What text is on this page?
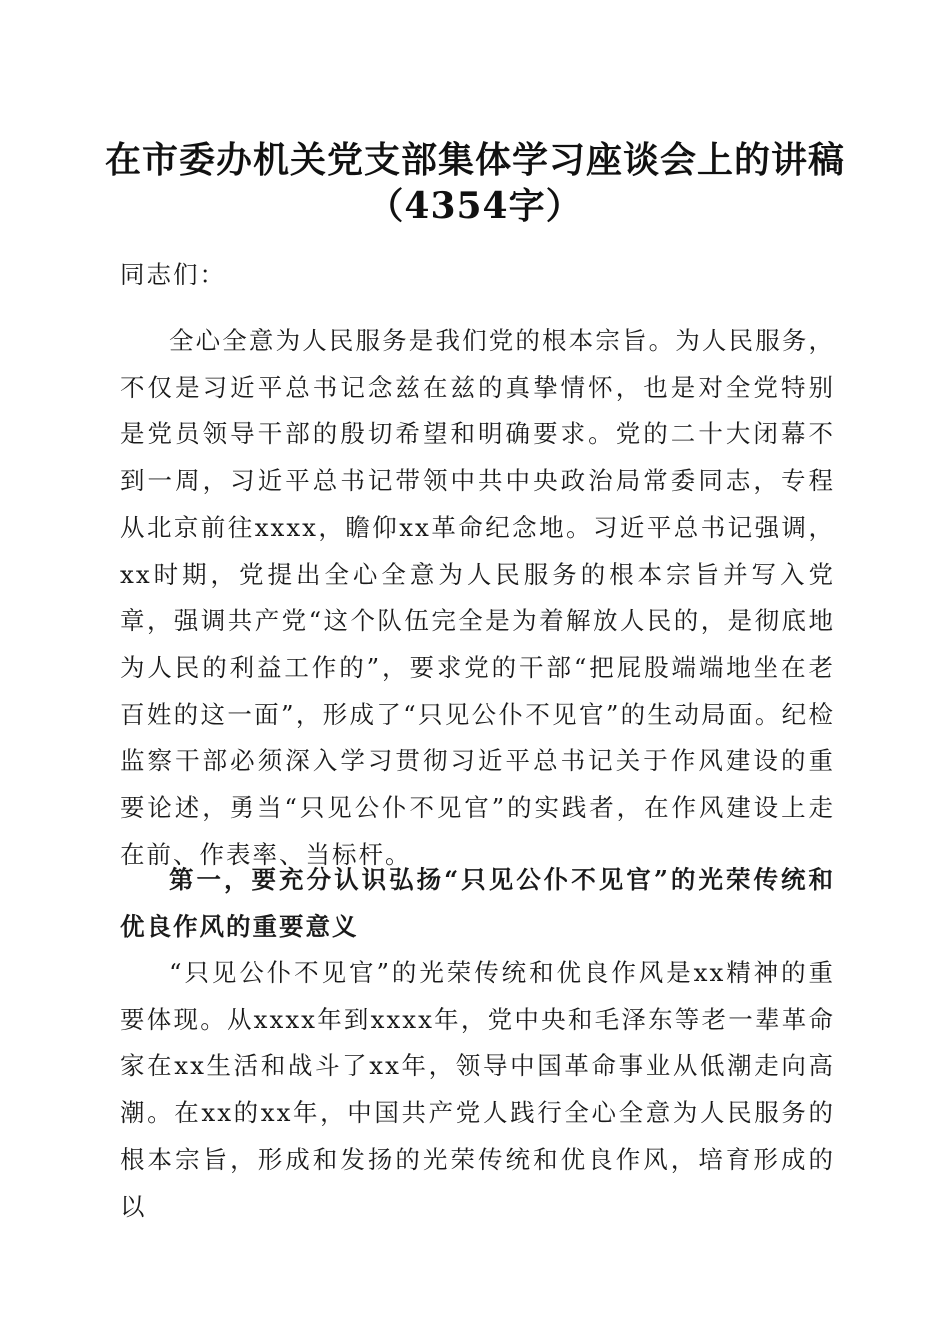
在市委办机关党支部集体学习座谈会上的讲稿
（4354字）
同志们：

全心全意为人民服务是我们党的根本宗旨。为人民服务，不仅是习近平总书记念兹在兹的真挚情怀，也是对全党特别是党员领导干部的殷切希望和明确要求。党的二十大闭幕不到一周，习近平总书记带领中共中央政治局常委同志，专程从北京前往xxxx，瞻仰xx革命纪念地。习近平总书记强调，xx时期，党提出全心全意为人民服务的根本宗旨并写入党章，强调共产党“这个队伍完全是为着解放人民的，是彻底地为人民的利益工作的”，要求党的干部“把屁股端端地坐在老百姓的这一面”，形成了“只见公仆不见官”的生动局面。纪检监察干部必须深入学习贯彻习近平总书记关于作风建设的重要论述，勇当“只见公仆不见官”的实践者，在作风建设上走在前、作表率、当标杆。

第一，要充分认识弘扬“只见公仆不见官”的光荣传统和优良作风的重要意义

“只见公仆不见官”的光荣传统和优良作风是xx精神的重要体现。从xxxx年到xxxx年，党中央和毛泽东等老一辈革命家在xx生活和战斗了xx年，领导中国革命事业从低潮走向高潮。在xx的xx年，中国共产党人践行全心全意为人民服务的根本宗旨，形成和发扬的光荣传统和优良作风，培育形成的以
